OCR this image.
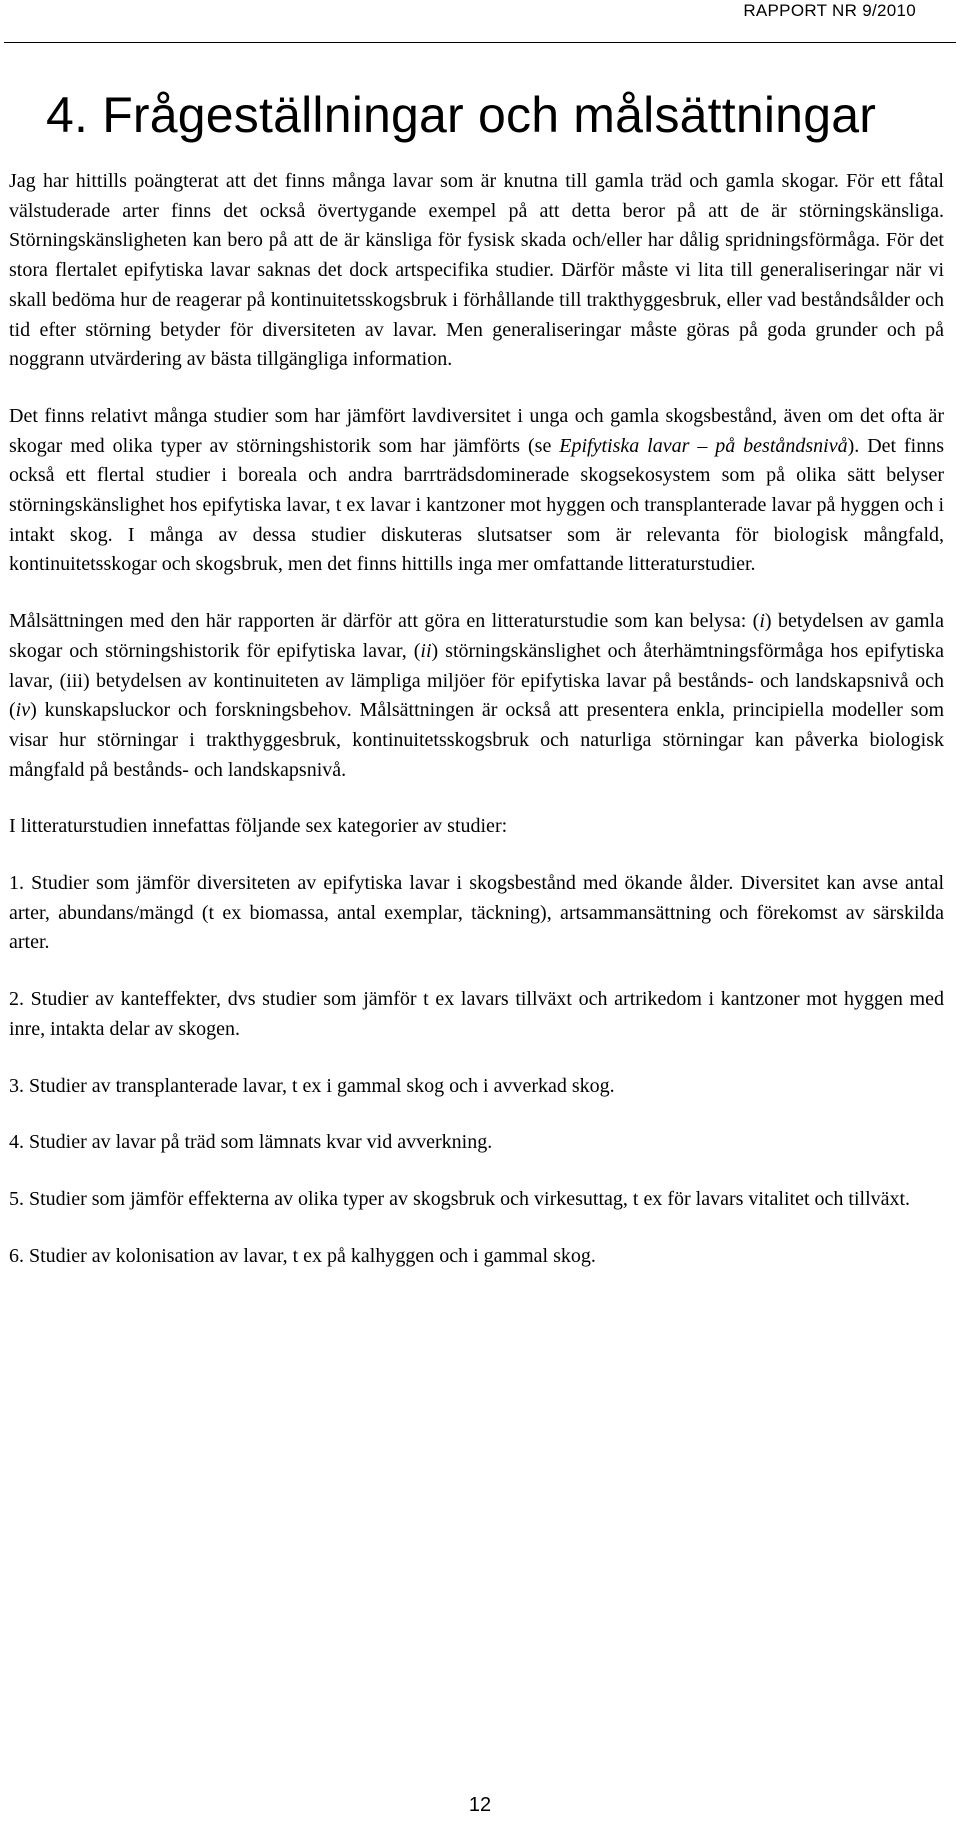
RAPPORT NR 9/2010
4. Frågeställningar och målsättningar

Jag har hittills poängterat att det finns många lavar som är knutna till gamla träd och gamla skogar. För ett fåtal välstuderade arter finns det också övertygande exempel på att detta beror på att de är störningskänsliga. Störningskänsligheten kan bero på att de är känsliga för fysisk skada och/eller har dålig spridningsförmåga. För det stora flertalet epifytiska lavar saknas det dock artspecifika studier. Därför måste vi lita till generaliseringar när vi skall bedöma hur de reagerar på kontinuitetsskogsbruk i förhållande till trakthyggesbruk, eller vad beståndsålder och tid efter störning betyder för diversiteten av lavar. Men generaliseringar måste göras på goda grunder och på noggrann utvärdering av bästa tillgängliga information.

Det finns relativt många studier som har jämfört lavdiversitet i unga och gamla skogsbestånd, även om det ofta är skogar med olika typer av störningshistorik som har jämförts (se Epifytiska lavar – på beståndsnivå). Det finns också ett flertal studier i boreala och andra barrträdsdominerade skogsekosystem som på olika sätt belyser störningskänslighet hos epifytiska lavar, t ex lavar i kantzoner mot hyggen och transplanterade lavar på hyggen och i intakt skog. I många av dessa studier diskuteras slutsatser som är relevanta för biologisk mångfald, kontinuitetsskogar och skogsbruk, men det finns hittills inga mer omfattande litteraturstudier.

Målsättningen med den här rapporten är därför att göra en litteraturstudie som kan belysa: (i) betydelsen av gamla skogar och störningshistorik för epifytiska lavar, (ii) störningskänslighet och återhämtningsförmåga hos epifytiska lavar, (iii) betydelsen av kontinuiteten av lämpliga miljöer för epifytiska lavar på bestånds- och landskapsnivå och (iv) kunskapsluckor och forskningsbehov. Målsättningen är också att presentera enkla, principiella modeller som visar hur störningar i trakthyggesbruk, kontinuitetsskogsbruk och naturliga störningar kan påverka biologisk mångfald på bestånds- och landskapsnivå.

I litteraturstudien innefattas följande sex kategorier av studier:

1. Studier som jämför diversiteten av epifytiska lavar i skogsbestånd med ökande ålder. Diversitet kan avse antal arter, abundans/mängd (t ex biomassa, antal exemplar, täckning), artsammansättning och förekomst av särskilda arter.

2. Studier av kanteffekter, dvs studier som jämför t ex lavars tillväxt och artrikedom i kantzoner mot hyggen med inre, intakta delar av skogen.

3. Studier av transplanterade lavar, t ex i gammal skog och i avverkad skog.

4. Studier av lavar på träd som lämnats kvar vid avverkning.

5. Studier som jämför effekterna av olika typer av skogsbruk och virkesuttag, t ex för lavars vitalitet och tillväxt.

6. Studier av kolonisation av lavar, t ex på kalhyggen och i gammal skog.

12
